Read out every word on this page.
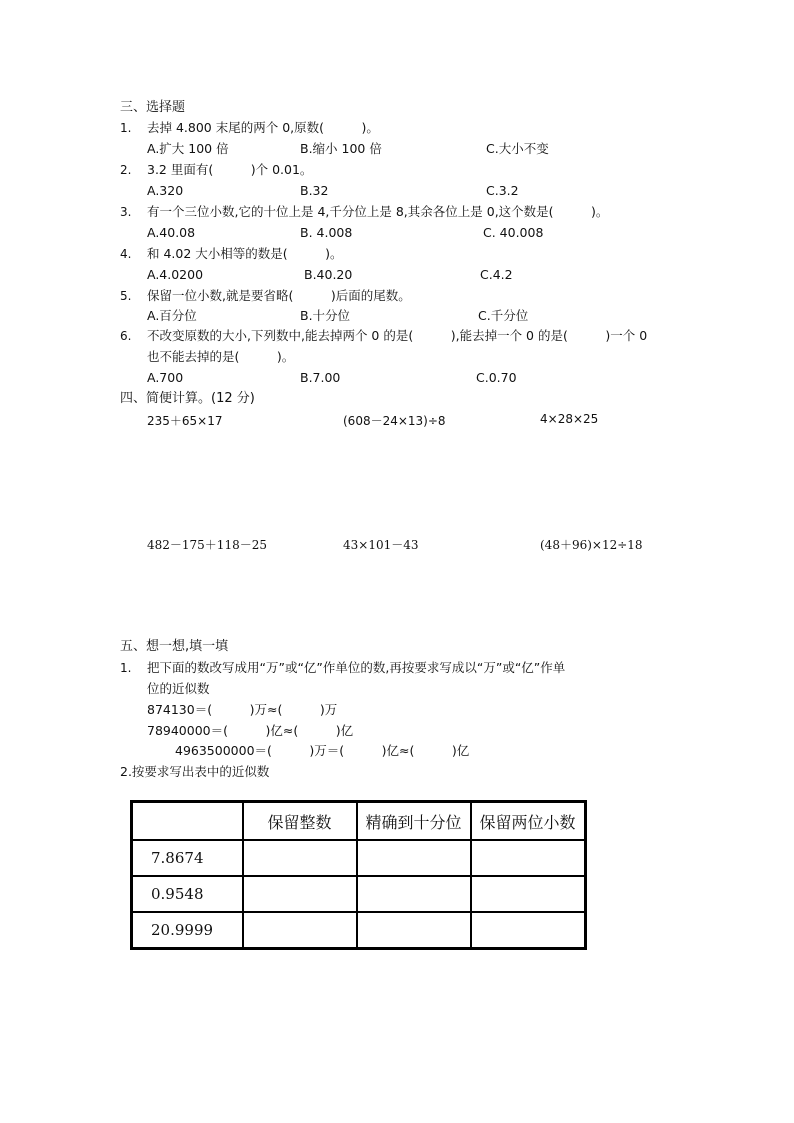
三、选择题
1. 去掉 4.800 末尾的两个 0,原数(　　　)。
A.扩大 100 倍	B.缩小 100 倍	C.大小不变
2. 3.2 里面有(　　　)个 0.01。
A.320	B.32	C.3.2
3. 有一个三位小数,它的十位上是 4,千分位上是 8,其余各位上是 0,这个数是(　　　)。
A.40.08	B. 4.008	C. 40.008
4. 和 4.02 大小相等的数是(　　　)。
A.4.0200	B.40.20	C.4.2
5. 保留一位小数,就是要省略(　　　)后面的尾数。
A.百分位	B.十分位	C.千分位
6. 不改变原数的大小,下列数中,能去掉两个 0 的是(　　　),能去掉一个 0 的是(　　　)一个 0
也不能去掉的是(　　　)。
A.700	B.7.00	C.0.70
四、简便计算。(12 分)
235＋65×17	(608－24×13)÷8	4×28×25
482－175＋118－25	43×101－43	(48＋96)×12÷18
五、想一想,填一填
1. 把下面的数改写成用“万”或“亿”作单位的数,再按要求写成以“万”或“亿”作单
位的近似数
874130＝(　　　)万≈(　　　)万
78940000＝(　　　)亿≈(　　　)亿
4963500000＝(　　　)万＝(　　　)亿≈(　　　)亿
2.按要求写出表中的近似数
	保留整数	精确到十分位	保留两位小数
7.8674			
0.9548			
20.9999			
